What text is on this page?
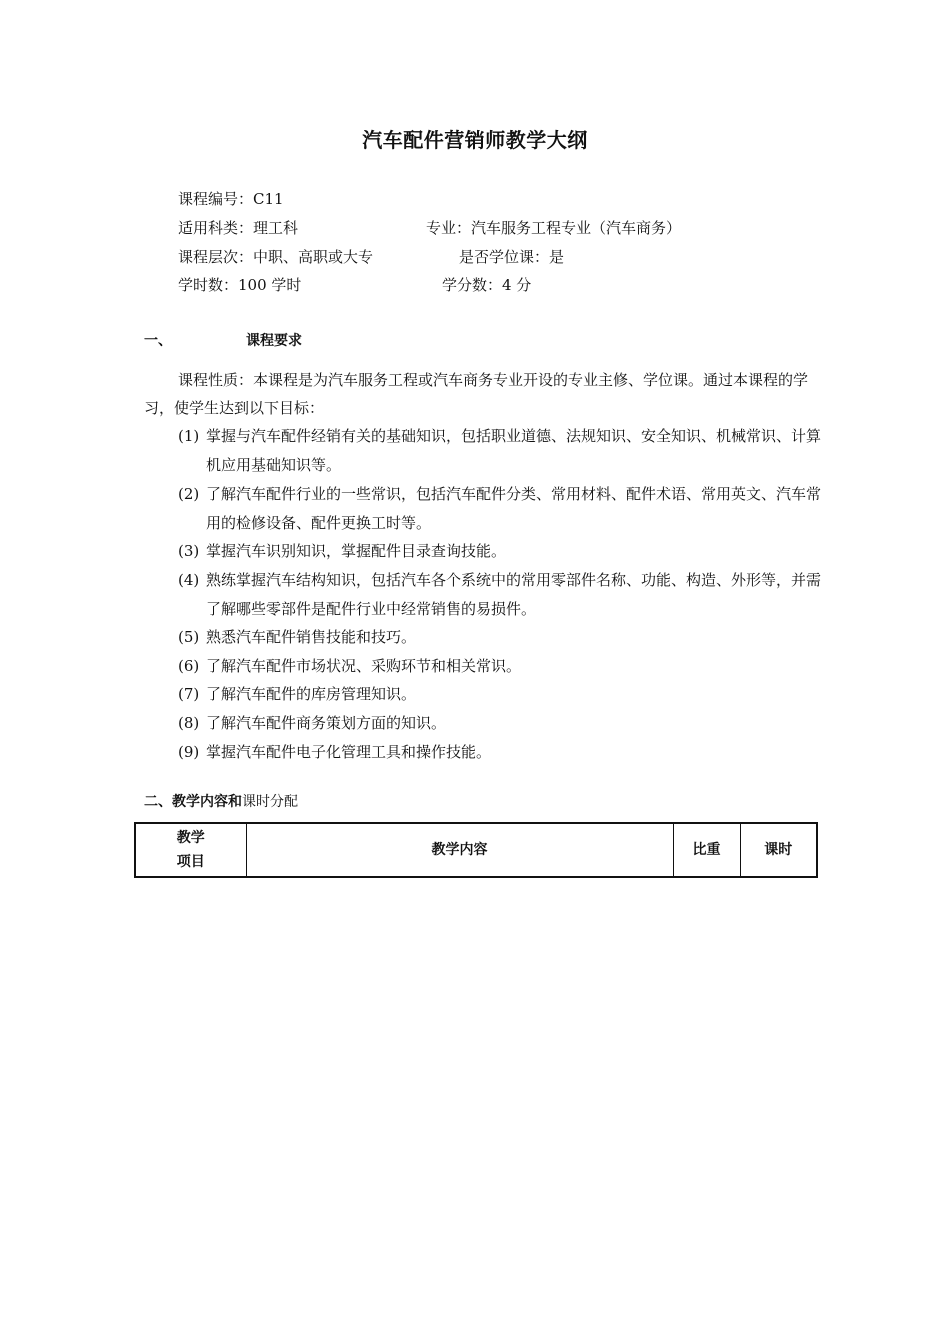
汽车配件营销师教学大纲
课程编号：C11
适用科类：理工科	专业：汽车服务工程专业（汽车商务）
课程层次：中职、高职或大专	是否学位课：是
学时数：100 学时	学分数：4 分
一、	课程要求
课程性质：本课程是为汽车服务工程或汽车商务专业开设的专业主修、学位课。通过本课程的学习，使学生达到以下目标：
(1) 掌握与汽车配件经销有关的基础知识，包括职业道德、法规知识、安全知识、机械常识、计算机应用基础知识等。
(2) 了解汽车配件行业的一些常识，包括汽车配件分类、常用材料、配件术语、常用英文、汽车常用的检修设备、配件更换工时等。
(3) 掌握汽车识别知识，掌握配件目录查询技能。
(4) 熟练掌握汽车结构知识，包括汽车各个系统中的常用零部件名称、功能、构造、外形等，并需了解哪些零部件是配件行业中经常销售的易损件。
(5) 熟悉汽车配件销售技能和技巧。
(6) 了解汽车配件市场状况、采购环节和相关常识。
(7) 了解汽车配件的库房管理知识。
(8) 了解汽车配件商务策划方面的知识。
(9) 掌握汽车配件电子化管理工具和操作技能。
二、教学内容和课时分配
教学
项目	教学内容	比重	课时
